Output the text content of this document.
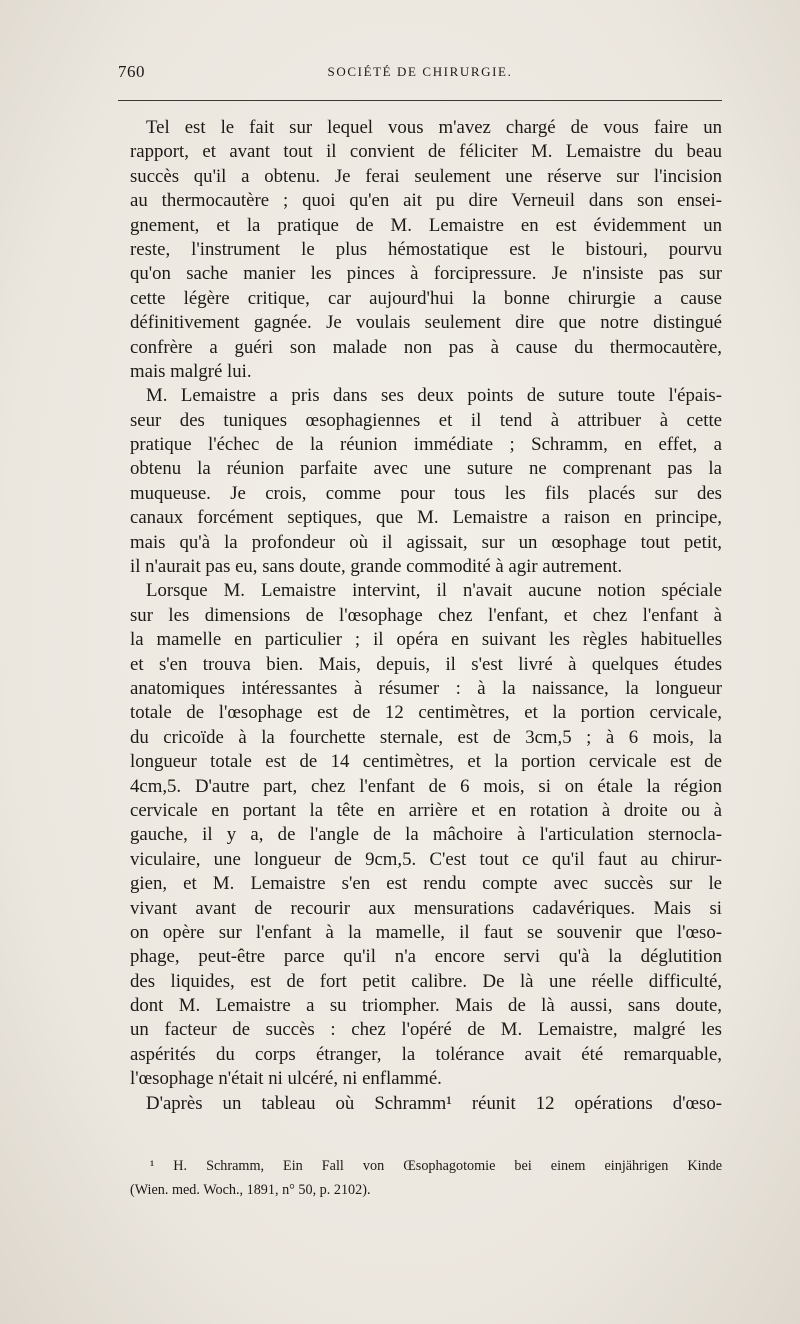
760	SOCIÉTÉ DE CHIRURGIE.
Tel est le fait sur lequel vous m'avez chargé de vous faire un
rapport, et avant tout il convient de féliciter M. Lemaistre du beau
succès qu'il a obtenu. Je ferai seulement une réserve sur l'incision
au thermocautère ; quoi qu'en ait pu dire Verneuil dans son ensei-
gnement, et la pratique de M. Lemaistre en est évidemment un
reste, l'instrument le plus hémostatique est le bistouri, pourvu
qu'on sache manier les pinces à forcipressure. Je n'insiste pas sur
cette légère critique, car aujourd'hui la bonne chirurgie a cause
définitivement gagnée. Je voulais seulement dire que notre distingué
confrère a guéri son malade non pas à cause du thermocautère,
mais malgré lui.
M. Lemaistre a pris dans ses deux points de suture toute l'épais-
seur des tuniques œsophagiennes et il tend à attribuer à cette
pratique l'échec de la réunion immédiate ; Schramm, en effet, a
obtenu la réunion parfaite avec une suture ne comprenant pas la
muqueuse. Je crois, comme pour tous les fils placés sur des
canaux forcément septiques, que M. Lemaistre a raison en principe,
mais qu'à la profondeur où il agissait, sur un œsophage tout petit,
il n'aurait pas eu, sans doute, grande commodité à agir autrement.
Lorsque M. Lemaistre intervint, il n'avait aucune notion spéciale
sur les dimensions de l'œsophage chez l'enfant, et chez l'enfant à
la mamelle en particulier ; il opéra en suivant les règles habituelles
et s'en trouva bien. Mais, depuis, il s'est livré à quelques études
anatomiques intéressantes à résumer : à la naissance, la longueur
totale de l'œsophage est de 12 centimètres, et la portion cervicale,
du cricoïde à la fourchette sternale, est de 3cm,5 ; à 6 mois, la
longueur totale est de 14 centimètres, et la portion cervicale est de
4cm,5. D'autre part, chez l'enfant de 6 mois, si on étale la région
cervicale en portant la tête en arrière et en rotation à droite ou à
gauche, il y a, de l'angle de la mâchoire à l'articulation sternocla-
viculaire, une longueur de 9cm,5. C'est tout ce qu'il faut au chirur-
gien, et M. Lemaistre s'en est rendu compte avec succès sur le
vivant avant de recourir aux mensurations cadavériques. Mais si
on opère sur l'enfant à la mamelle, il faut se souvenir que l'œso-
phage, peut-être parce qu'il n'a encore servi qu'à la déglutition
des liquides, est de fort petit calibre. De là une réelle difficulté,
dont M. Lemaistre a su triompher. Mais de là aussi, sans doute,
un facteur de succès : chez l'opéré de M. Lemaistre, malgré les
aspérités du corps étranger, la tolérance avait été remarquable,
l'œsophage n'était ni ulcéré, ni enflammé.
D'après un tableau où Schramm¹ réunit 12 opérations d'œso-
¹ H. Schramm, Ein Fall von Œsophagotomie bei einem einjährigen Kinde
(Wien. med. Woch., 1891, n° 50, p. 2102).
